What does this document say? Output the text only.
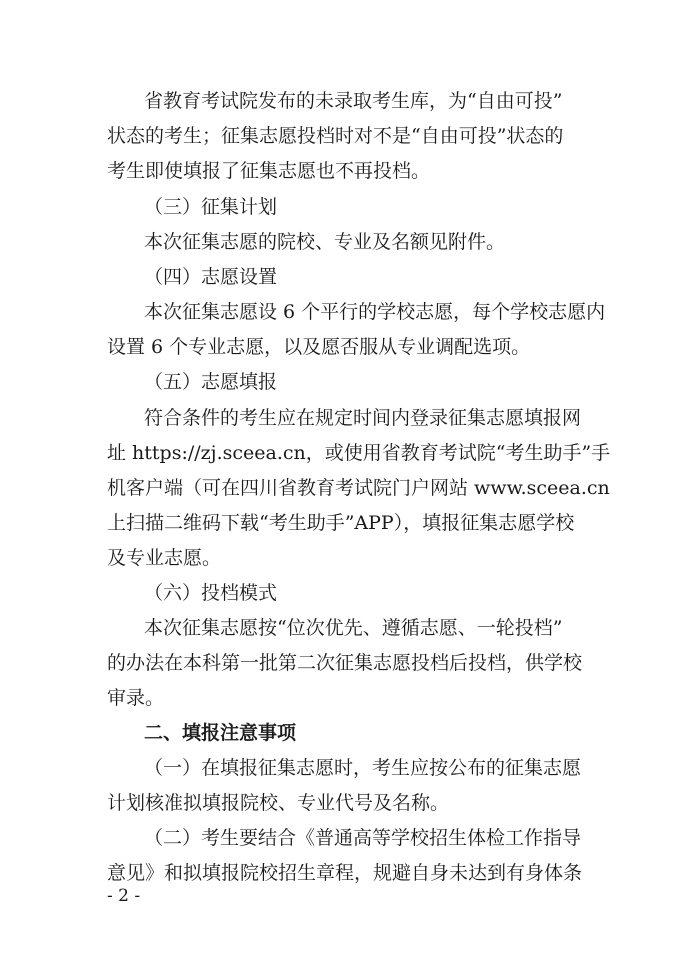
省教育考试院发布的未录取考生库，为“自由可投”
状态的考生；征集志愿投档时对不是“自由可投”状态的
考生即使填报了征集志愿也不再投档。
（三）征集计划
本次征集志愿的院校、专业及名额见附件。
（四）志愿设置
本次征集志愿设 6 个平行的学校志愿，每个学校志愿内
设置 6 个专业志愿，以及愿否服从专业调配选项。
（五）志愿填报
符合条件的考生应在规定时间内登录征集志愿填报网
址 https://zj.sceea.cn，或使用省教育考试院“考生助手”手
机客户端（可在四川省教育考试院门户网站 www.sceea.cn
上扫描二维码下载“考生助手”APP），填报征集志愿学校
及专业志愿。
（六）投档模式
本次征集志愿按“位次优先、遵循志愿、一轮投档”
的办法在本科第一批第二次征集志愿投档后投档，供学校
审录。
二、填报注意事项
（一）在填报征集志愿时，考生应按公布的征集志愿
计划核准拟填报院校、专业代号及名称。
（二）考生要结合《普通高等学校招生体检工作指导
意见》和拟填报院校招生章程，规避自身未达到有身体条
- 2 -
